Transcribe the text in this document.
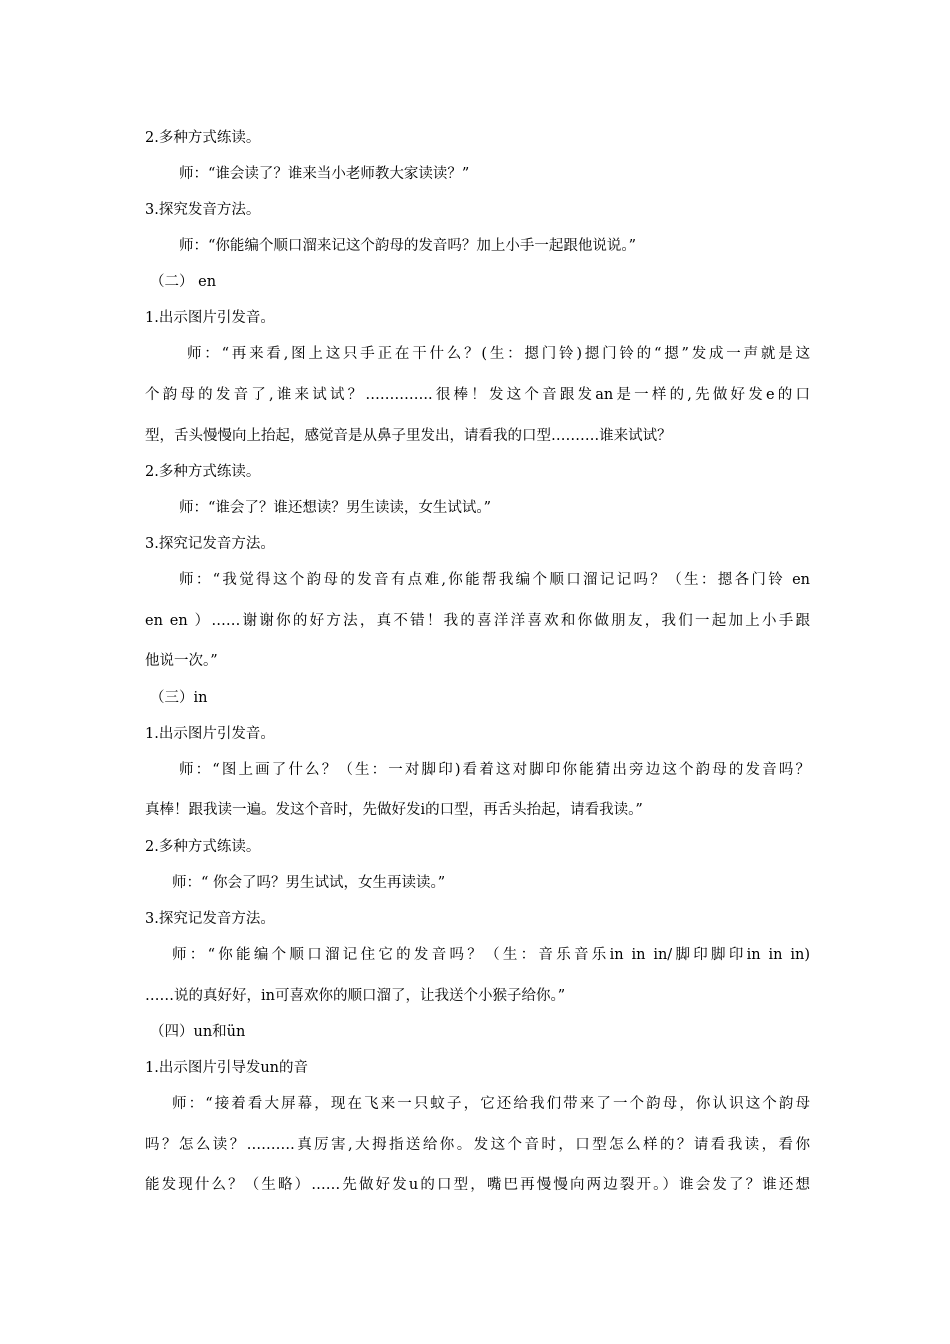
2.多种方式练读。
师：“谁会读了？谁来当小老师教大家读读？”
3.探究发音方法。
师：“你能编个顺口溜来记这个韵母的发音吗？加上小手一起跟他说说。”
（二） en
1.出示图片引发音。
师：“再来看,图上这只手正在干什么？(生：摁门铃)摁门铃的“摁”发成一声就是这
个韵母的发音了,谁来试试？…………..很棒！发这个音跟发an是一样的,先做好发e的口
型，舌头慢慢向上抬起，感觉音是从鼻子里发出，请看我的口型……….谁来试试？
2.多种方式练读。
师：“谁会了？谁还想读？男生读读，女生试试。”
3.探究记发音方法。
师：“我觉得这个韵母的发音有点难,你能帮我编个顺口溜记记吗？（生：摁各门铃 en
en en ）……谢谢你的好方法，真不错！我的喜洋洋喜欢和你做朋友，我们一起加上小手跟
他说一次。”
（三）in
1.出示图片引发音。
师：“图上画了什么？（生：一对脚印)看着这对脚印你能猜出旁边这个韵母的发音吗？
真棒！跟我读一遍。发这个音时，先做好发i的口型，再舌头抬起，请看我读。”
2.多种方式练读。
师：“ 你会了吗？男生试试，女生再读读。”
3.探究记发音方法。
师：“你能编个顺口溜记住它的发音吗？（生：音乐音乐in in in/脚印脚印in in in)
……说的真好好，in可喜欢你的顺口溜了，让我送个小猴子给你。”
（四）un和ün
1.出示图片引导发un的音
师：“接着看大屏幕，现在飞来一只蚊子，它还给我们带来了一个韵母，你认识这个韵母
吗？怎么读？……….真厉害,大拇指送给你。发这个音时，口型怎么样的？请看我读，看你
能发现什么？（生略）……先做好发u的口型，嘴巴再慢慢向两边裂开。）谁会发了？谁还想
